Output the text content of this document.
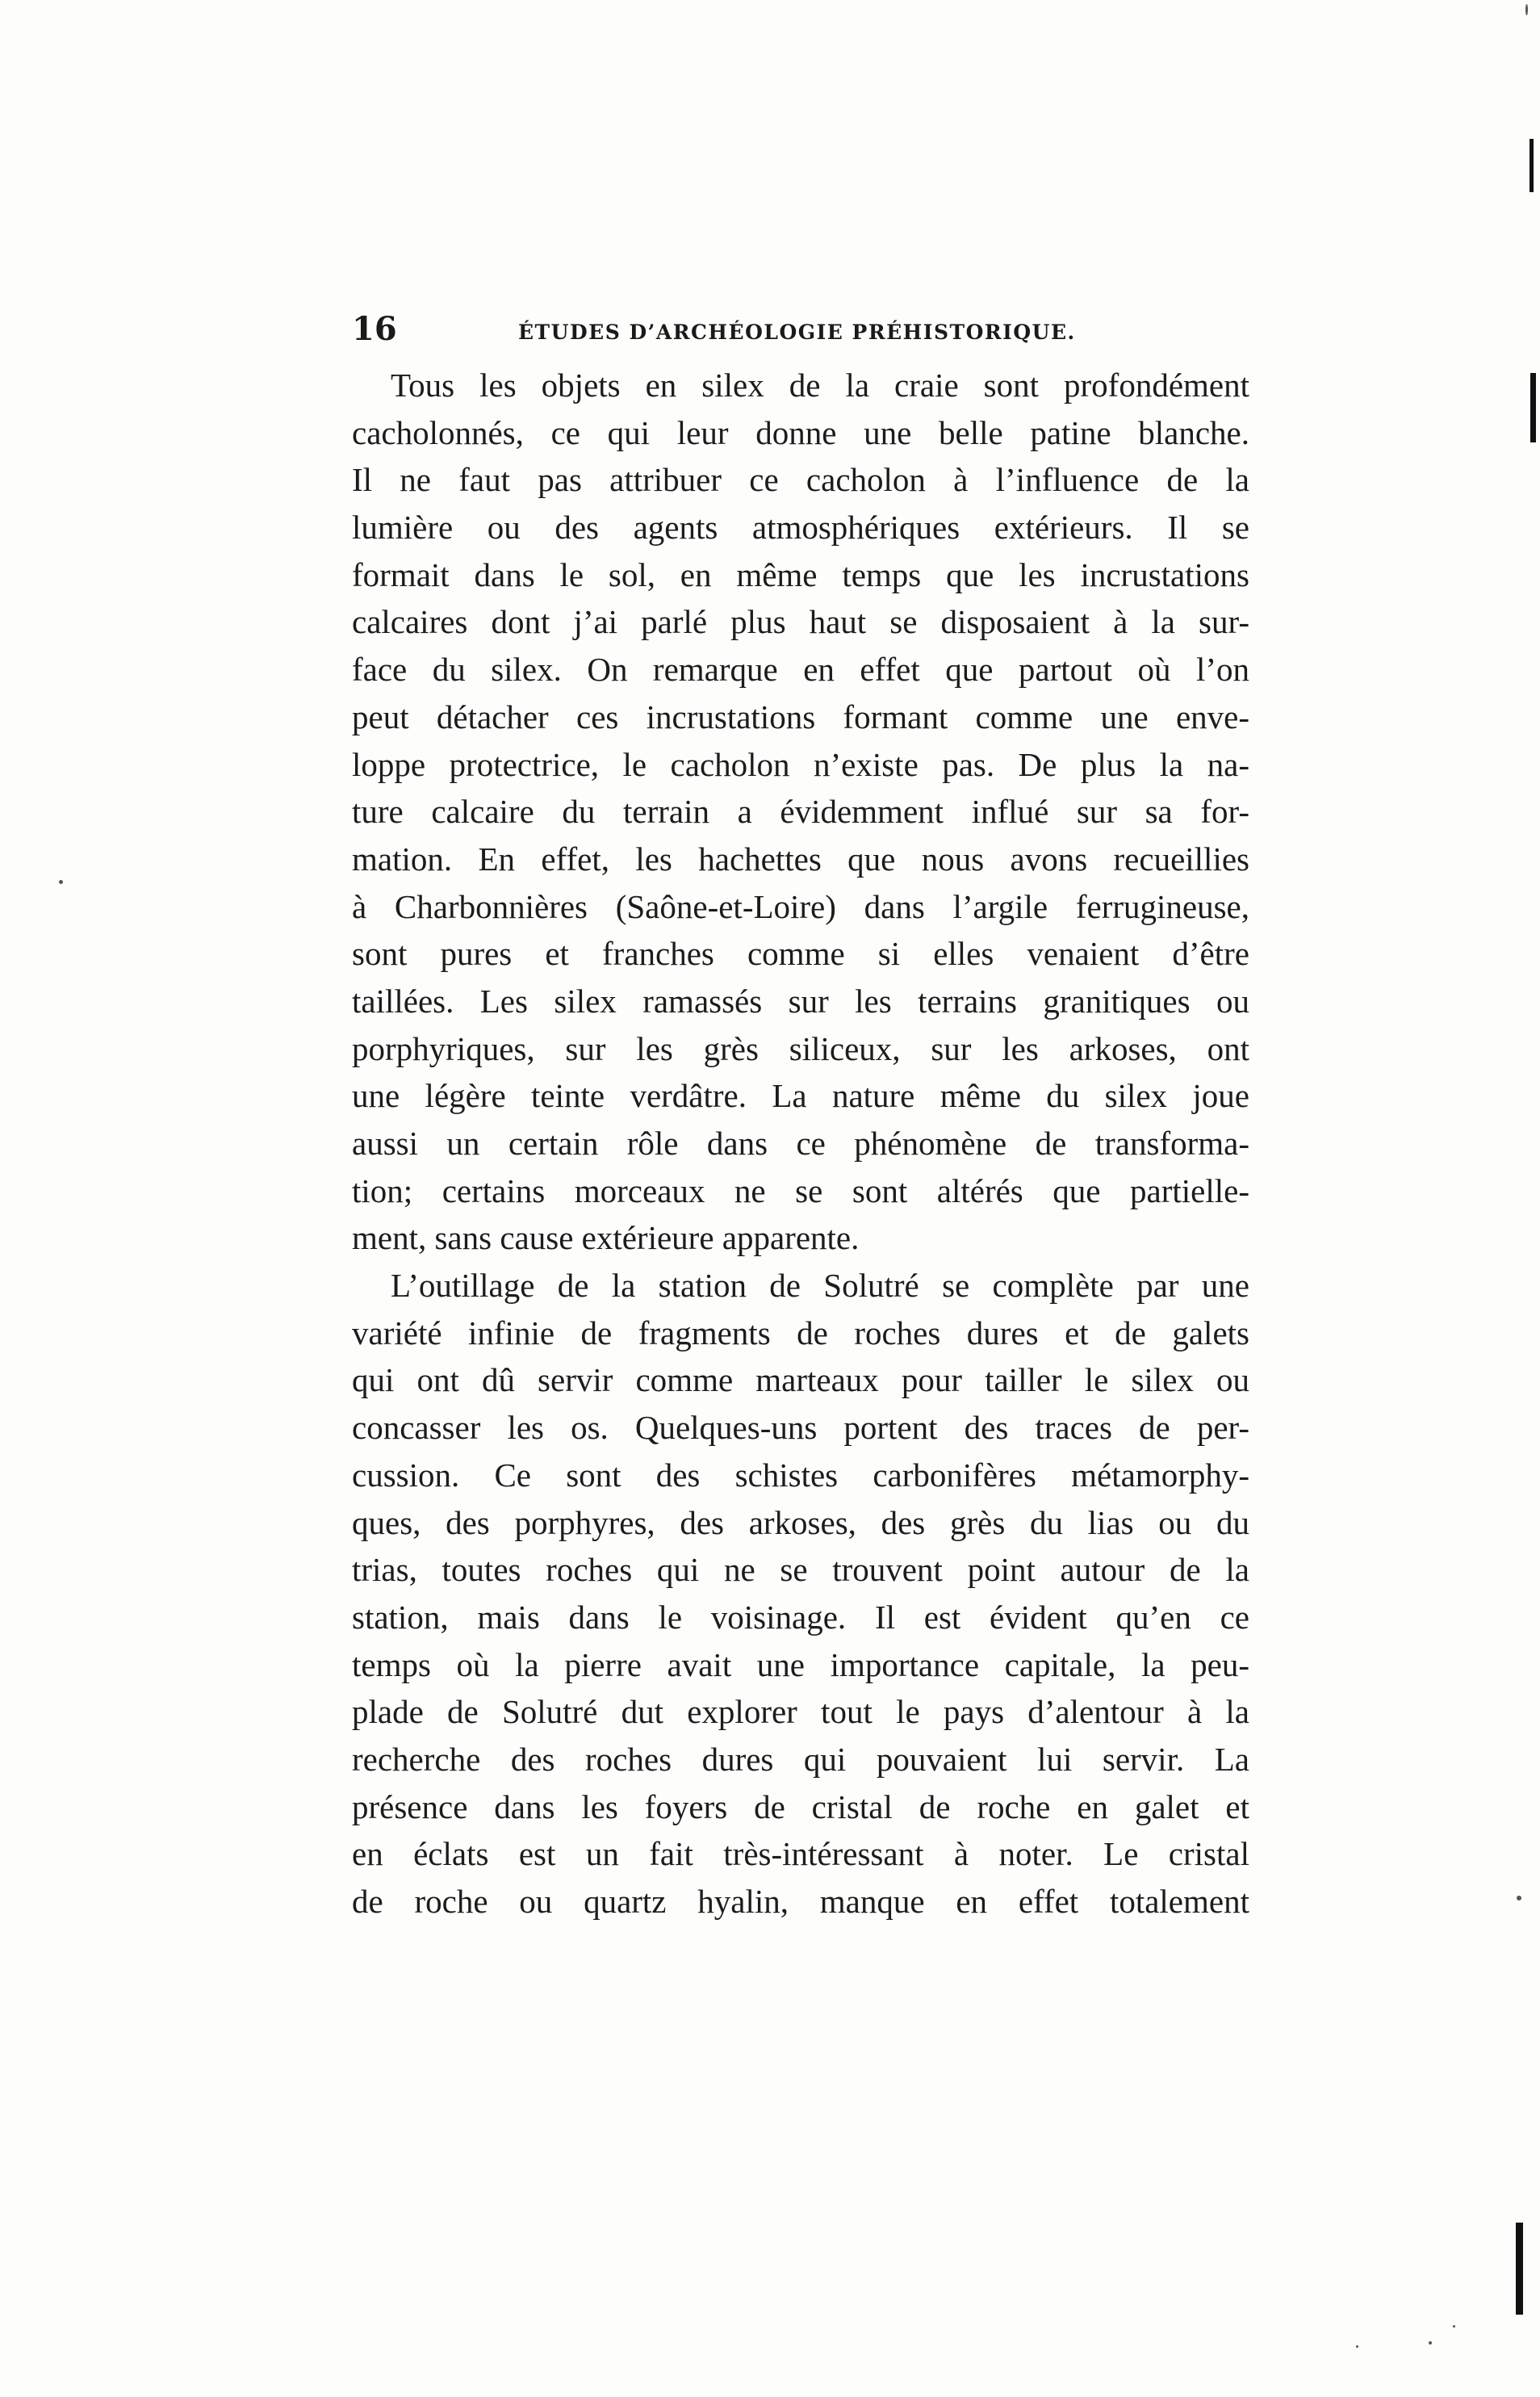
16	ÉTUDES D’ARCHÉOLOGIE PRÉHISTORIQUE.
Tous les objets en silex de la craie sont profondément
cacholonnés, ce qui leur donne une belle patine blanche.
Il ne faut pas attribuer ce cacholon à l’influence de la
lumière ou des agents atmosphériques extérieurs. Il se
formait dans le sol, en même temps que les incrustations
calcaires dont j’ai parlé plus haut se disposaient à la sur-
face du silex. On remarque en effet que partout où l’on
peut détacher ces incrustations formant comme une enve-
loppe protectrice, le cacholon n’existe pas. De plus la na-
ture calcaire du terrain a évidemment influé sur sa for-
mation. En effet, les hachettes que nous avons recueillies
à Charbonnières (Saône-et-Loire) dans l’argile ferrugineuse,
sont pures et franches comme si elles venaient d’être
taillées. Les silex ramassés sur les terrains granitiques ou
porphyriques, sur les grès siliceux, sur les arkoses, ont
une légère teinte verdâtre. La nature même du silex joue
aussi un certain rôle dans ce phénomène de transforma-
tion; certains morceaux ne se sont altérés que partielle-
ment, sans cause extérieure apparente.
L’outillage de la station de Solutré se complète par une
variété infinie de fragments de roches dures et de galets
qui ont dû servir comme marteaux pour tailler le silex ou
concasser les os. Quelques-uns portent des traces de per-
cussion. Ce sont des schistes carbonifères métamorphy-
ques, des porphyres, des arkoses, des grès du lias ou du
trias, toutes roches qui ne se trouvent point autour de la
station, mais dans le voisinage. Il est évident qu’en ce
temps où la pierre avait une importance capitale, la peu-
plade de Solutré dut explorer tout le pays d’alentour à la
recherche des roches dures qui pouvaient lui servir. La
présence dans les foyers de cristal de roche en galet et
en éclats est un fait très-intéressant à noter. Le cristal
de roche ou quartz hyalin, manque en effet totalement
